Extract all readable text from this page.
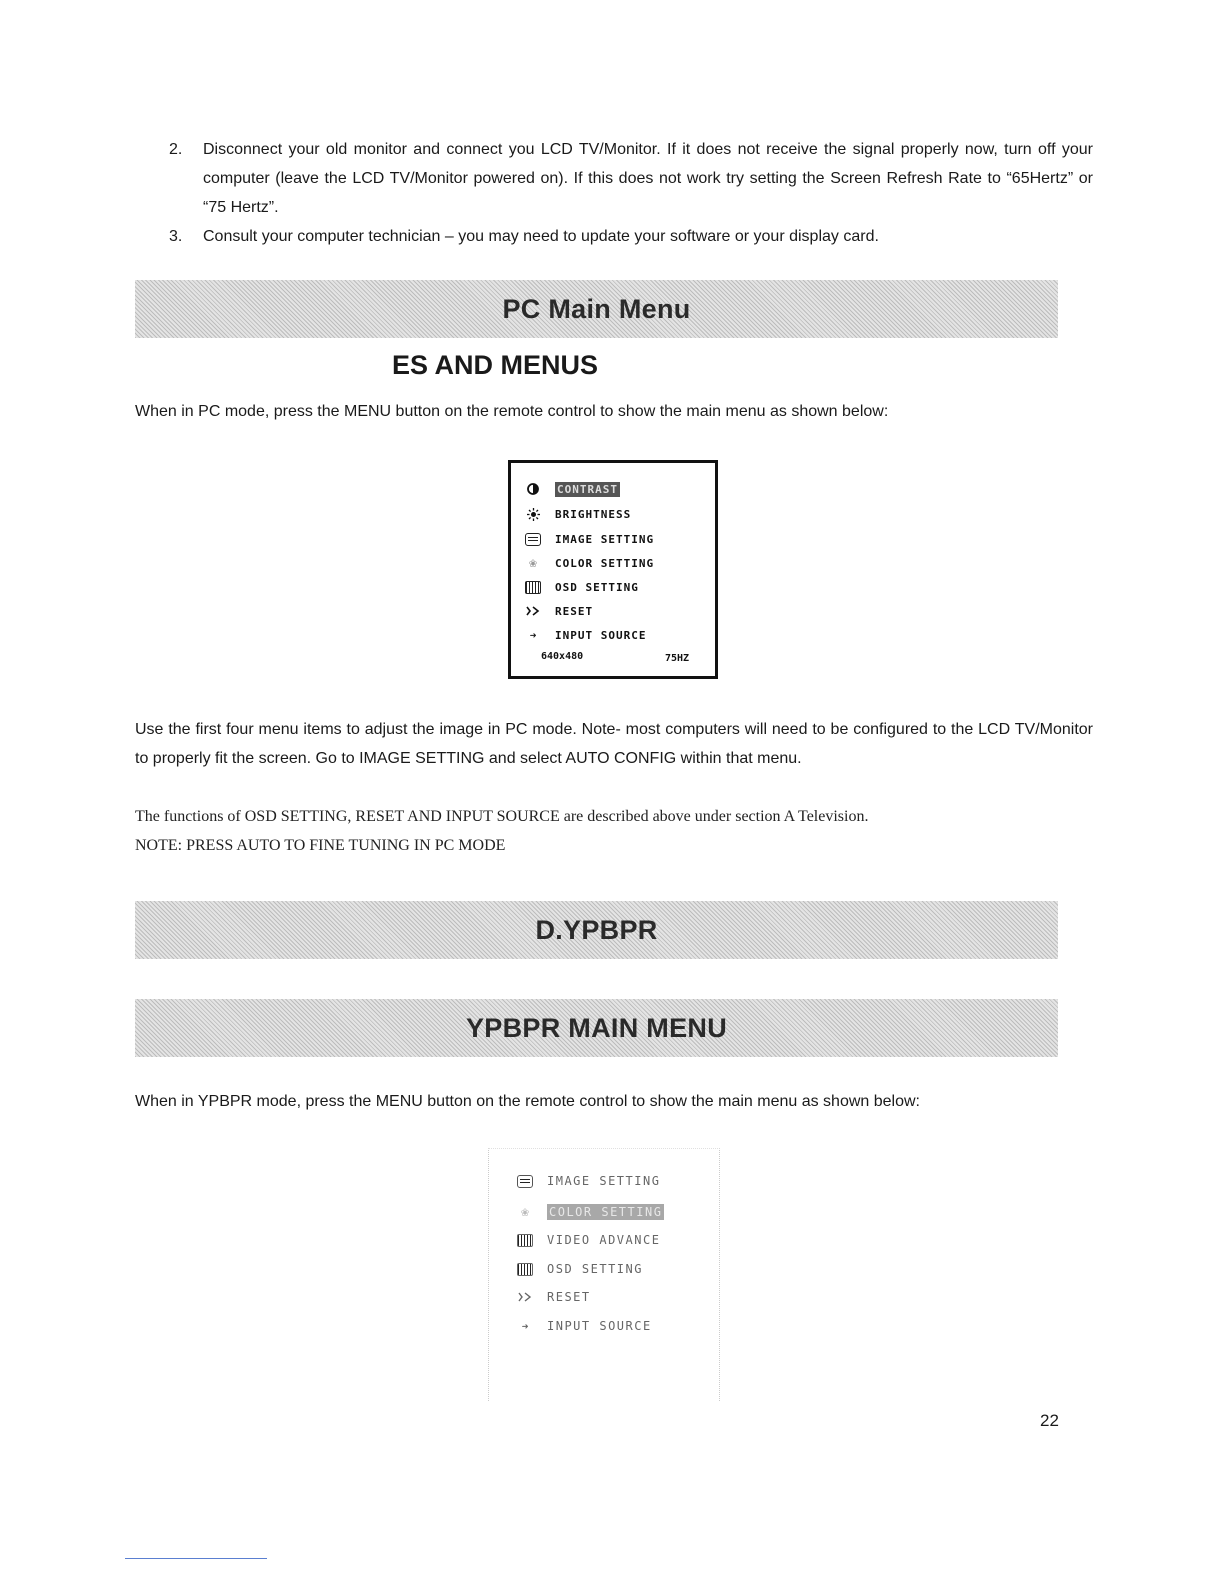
2. Disconnect your old monitor and connect you LCD TV/Monitor. If it does not receive the signal properly now, turn off your computer (leave the LCD TV/Monitor powered on). If this does not work try setting the Screen Refresh Rate to “65Hertz” or “75 Hertz”.
3. Consult your computer technician – you may need to update your software or your display card.
PC Main Menu
ES AND MENUS
When in PC mode, press the MENU button on the remote control to show the main menu as shown below:
CONTRAST
BRIGHTNESS
IMAGE SETTING
❀	COLOR SETTING
OSD SETTING
RESET
➜	INPUT SOURCE
640x480	75HZ
Use the first four menu items to adjust the image in PC mode. Note- most computers will need to be configured to the LCD TV/Monitor to properly fit the screen. Go to IMAGE SETTING and select AUTO CONFIG within that menu.
The functions of OSD SETTING, RESET AND INPUT SOURCE are described above under section A Television.
NOTE: PRESS AUTO TO FINE TUNING IN PC MODE
D.YPBPR
YPBPR MAIN MENU
When in YPBPR mode, press the MENU button on the remote control to show the main menu as shown below:
IMAGE SETTING
❀	COLOR SETTING
VIDEO ADVANCE
OSD SETTING
RESET
➜	INPUT SOURCE
22
